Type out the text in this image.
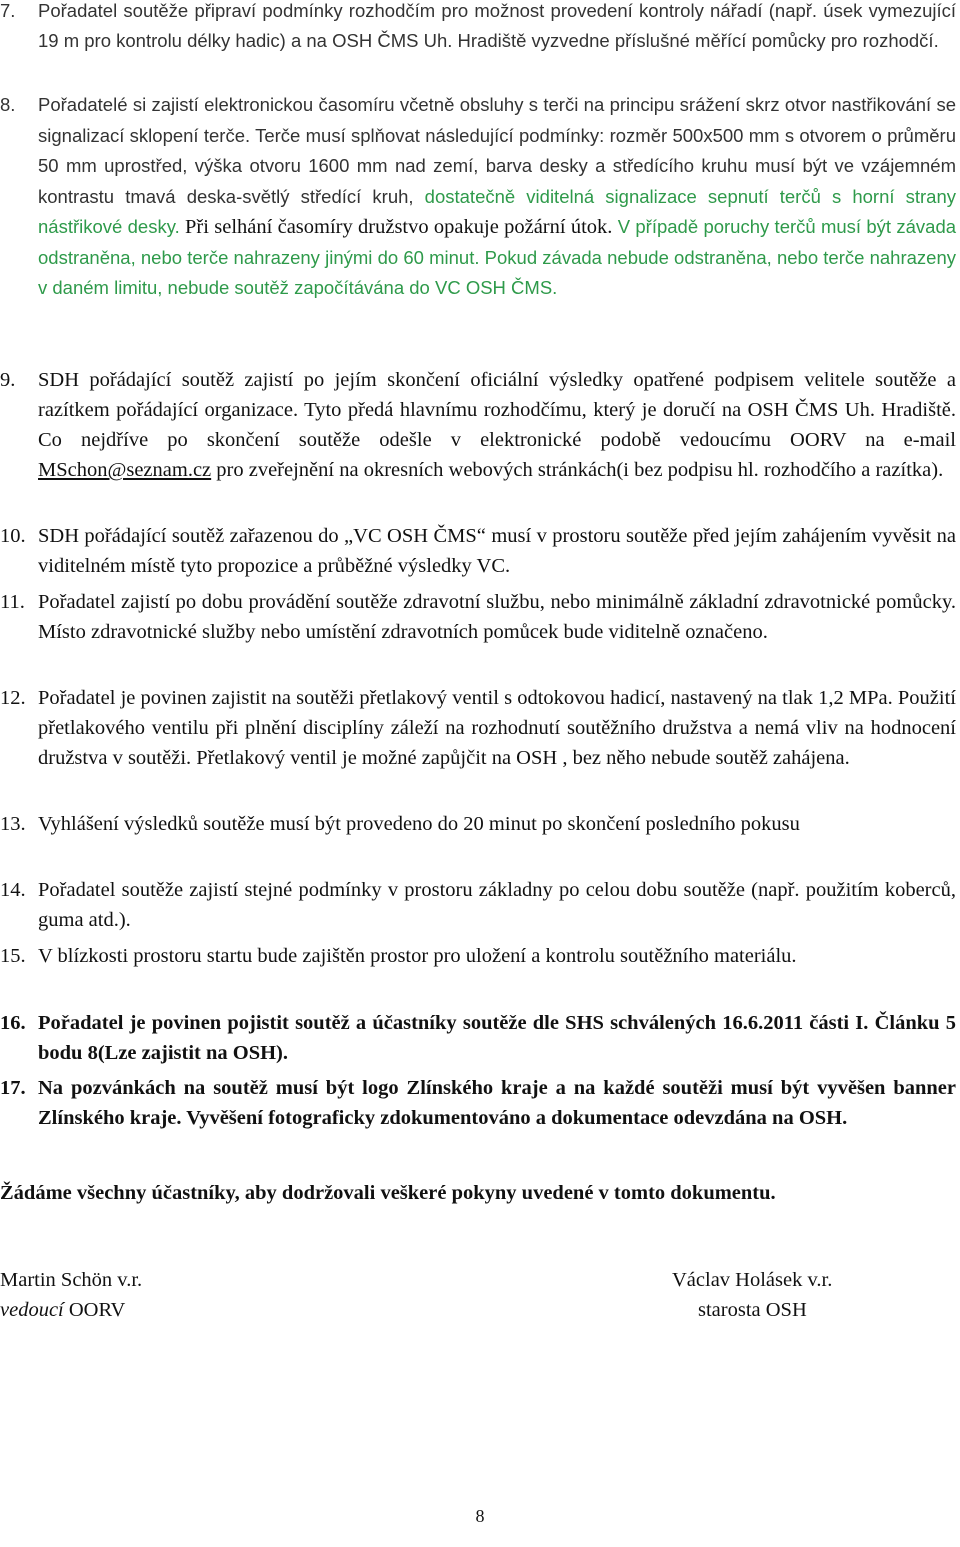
7. Pořadatel soutěže připraví podmínky rozhodčím pro možnost provedení kontroly nářadí (např. úsek vymezující 19 m pro kontrolu délky hadic) a na OSH ČMS Uh. Hradiště vyzvedne příslušné měřící pomůcky pro rozhodčí.
8. Pořadatelé si zajistí elektronickou časomíru včetně obsluhy s terči na principu srážení skrz otvor nastřikování se signalizací sklopení terče. Terče musí splňovat následující podmínky: rozměr 500x500 mm s otvorem o průměru 50 mm uprostřed, výška otvoru 1600 mm nad zemí, barva desky a středícího kruhu musí být ve vzájemném kontrastu tmavá deska-světlý středící kruh, dostatečně viditelná signalizace sepnutí terčů s horní strany nástřikové desky. Při selhání časomíry družstvo opakuje požární útok. V případě poruchy terčů musí být závada odstraněna, nebo terče nahrazeny jinými do 60 minut. Pokud závada nebude odstraněna, nebo terče nahrazeny v daném limitu, nebude soutěž započítávána do VC OSH ČMS.
9. SDH pořádající soutěž zajistí po jejím skončení oficiální výsledky opatřené podpisem velitele soutěže a razítkem pořádající organizace. Tyto předá hlavnímu rozhodčímu, který je doručí na OSH ČMS Uh. Hradiště. Co nejdříve po skončení soutěže odešle v elektronické podobě vedoucímu OORV na e-mail MSchon@seznam.cz pro zveřejnění na okresních webových stránkách(i bez podpisu hl. rozhodčího a razítka).
10. SDH pořádající soutěž zařazenou do „VC OSH ČMS“ musí v prostoru soutěže před jejím zahájením vyvěsit na viditelném místě tyto propozice a průběžné výsledky VC.
11. Pořadatel zajistí po dobu provádění soutěže zdravotní službu, nebo minimálně základní zdravotnické pomůcky. Místo zdravotnické služby nebo umístění zdravotních pomůcek bude viditelně označeno.
12. Pořadatel je povinen zajistit na soutěži přetlakový ventil s odtokovou hadicí, nastavený na tlak 1,2 MPa. Použití přetlakového ventilu při plnění disciplíny záleží na rozhodnutí soutěžního družstva a nemá vliv na hodnocení družstva v soutěži. Přetlakový ventil je možné zapůjčit na OSH , bez něho nebude soutěž zahájena.
13. Vyhlášení výsledků soutěže musí být provedeno do 20 minut po skončení posledního pokusu
14. Pořadatel soutěže zajistí stejné podmínky v prostoru základny po celou dobu soutěže (např. použitím koberců, guma atd.).
15. V blízkosti prostoru startu bude zajištěn prostor pro uložení a kontrolu soutěžního materiálu.
16. Pořadatel je povinen pojistit soutěž a účastníky soutěže dle SHS schválených 16.6.2011 části I. Článku 5 bodu 8(Lze zajistit na OSH).
17. Na pozvánkách na soutěž musí být logo Zlínského kraje a na každé soutěži musí být vyvěšen banner Zlínského kraje. Vyvěšení fotograficky zdokumentováno a dokumentace odevzdána na OSH.
Žádáme všechny účastníky, aby dodržovali veškeré pokyny uvedené v tomto dokumentu.
Martin Schön v.r.
vedoucí OORV
Václav Holásek v.r.
starosta OSH
8
